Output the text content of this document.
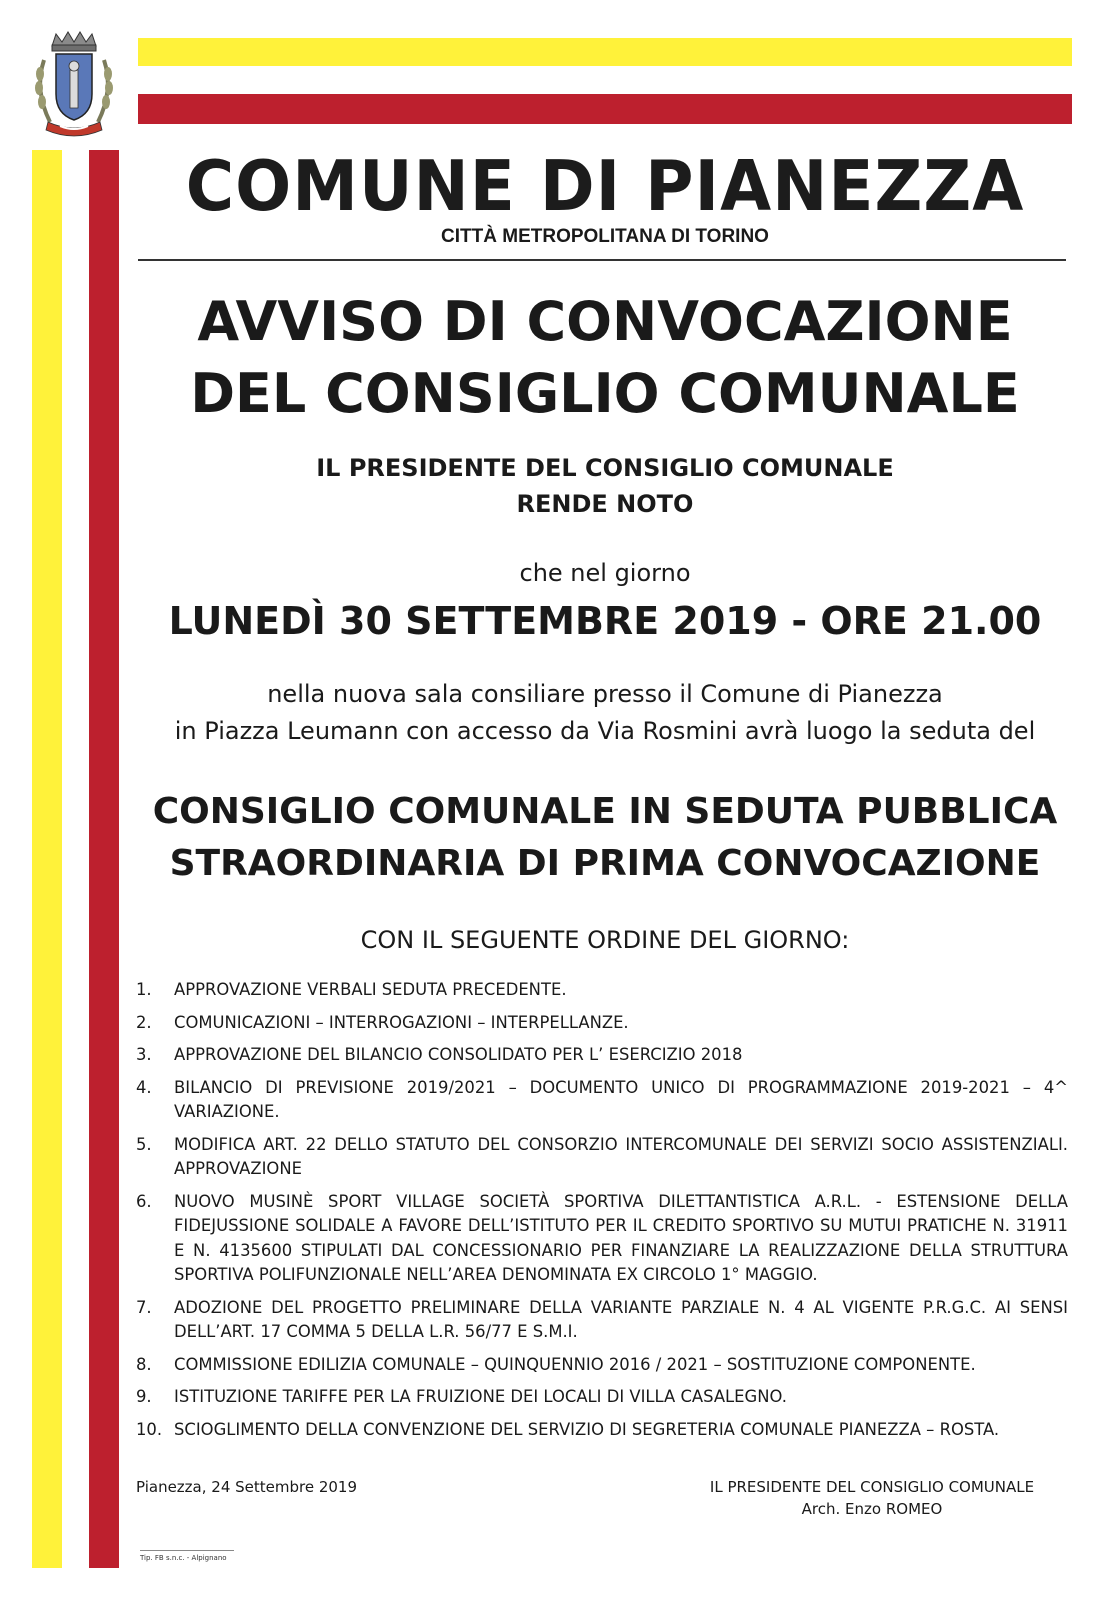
COMUNE DI PIANEZZA
CITTÀ METROPOLITANA DI TORINO
AVVISO DI CONVOCAZIONE
DEL CONSIGLIO COMUNALE
IL PRESIDENTE DEL CONSIGLIO COMUNALE
RENDE NOTO
che nel giorno
LUNEDÌ 30 SETTEMBRE 2019 - ORE 21.00
nella nuova sala consiliare presso il Comune di Pianezza
in Piazza Leumann con accesso da Via Rosmini avrà luogo la seduta del
CONSIGLIO COMUNALE IN SEDUTA PUBBLICA
STRAORDINARIA DI PRIMA CONVOCAZIONE
CON IL SEGUENTE ORDINE DEL GIORNO:
1.	APPROVAZIONE VERBALI SEDUTA PRECEDENTE.
2.	COMUNICAZIONI – INTERROGAZIONI – INTERPELLANZE.
3.	APPROVAZIONE DEL BILANCIO CONSOLIDATO PER L’ ESERCIZIO 2018
4.	BILANCIO DI PREVISIONE 2019/2021 – DOCUMENTO UNICO DI PROGRAMMAZIONE 2019-2021 – 4^ VARIAZIONE.
5.	MODIFICA ART. 22 DELLO STATUTO DEL CONSORZIO INTERCOMUNALE DEI SERVIZI SOCIO ASSISTENZIALI. APPROVAZIONE
6.	NUOVO MUSINÈ SPORT VILLAGE SOCIETÀ SPORTIVA DILETTANTISTICA A.R.L. - ESTENSIONE DELLA FIDEJUSSIONE SOLIDALE A FAVORE DELL’ISTITUTO PER IL CREDITO SPORTIVO SU MUTUI PRATICHE N. 31911 E N. 4135600 STIPULATI DAL CONCESSIONARIO PER FINANZIARE LA REALIZZAZIONE DELLA STRUTTURA SPORTIVA POLIFUNZIONALE NELL’AREA DENOMINATA EX CIRCOLO 1° MAGGIO.
7.	ADOZIONE DEL PROGETTO PRELIMINARE DELLA VARIANTE PARZIALE N. 4 AL VIGENTE P.R.G.C. AI SENSI DELL’ART. 17 COMMA 5 DELLA L.R. 56/77 E S.M.I.
8.	COMMISSIONE EDILIZIA COMUNALE – QUINQUENNIO 2016 / 2021 – SOSTITUZIONE COMPONENTE.
9.	ISTITUZIONE TARIFFE PER LA FRUIZIONE DEI LOCALI DI VILLA CASALEGNO.
10. SCIOGLIMENTO DELLA CONVENZIONE DEL SERVIZIO DI SEGRETERIA COMUNALE PIANEZZA – ROSTA.
Pianezza, 24 Settembre 2019	IL PRESIDENTE DEL CONSIGLIO COMUNALE
Arch. Enzo ROMEO
Tip. FB s.n.c. - Alpignano
